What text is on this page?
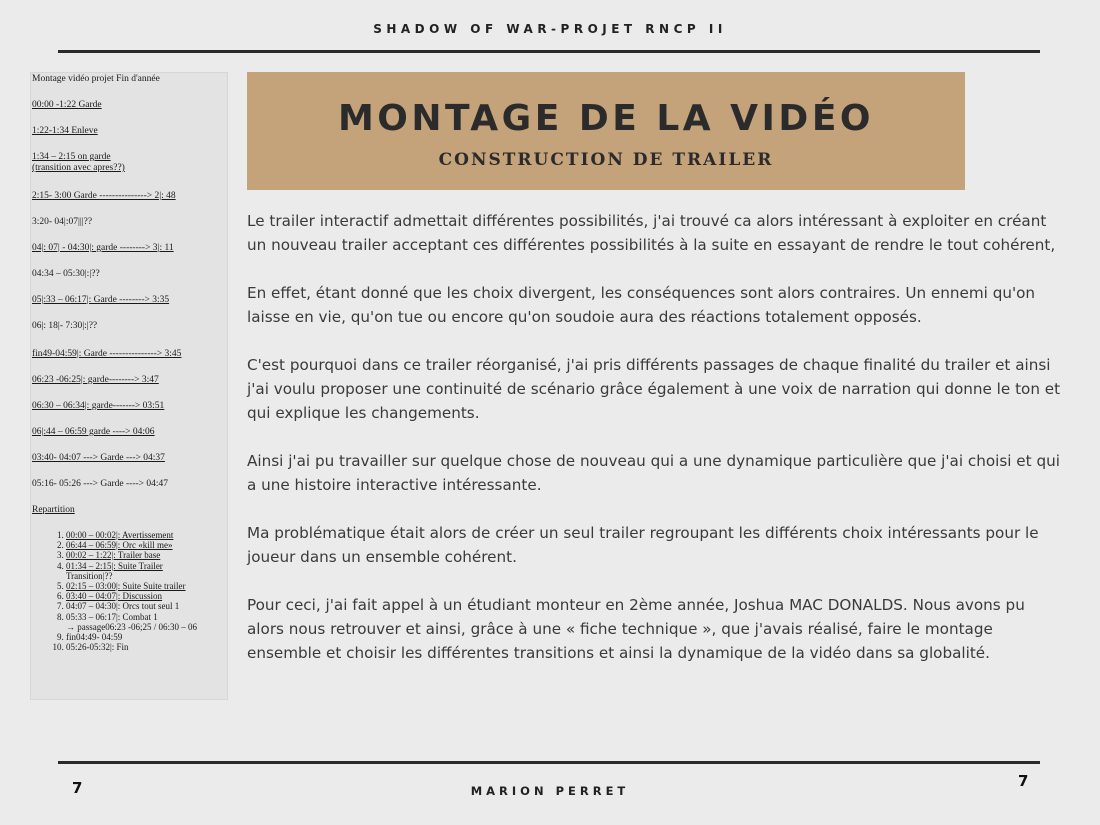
SHADOW OF WAR-PROJET RNCP II
Montage vidéo projet Fin d'année
00:00 -1:22 Garde
1:22-1:34 Enleve
1:34 – 2:15 on garde
(transition avec apres??)
2:15- 3:00 Garde ---------------> 2|: 48
3:20- 04|:07|||??
04|: 07| - 04:30|: garde --------> 3|: 11
04:34 – 05:30|:|??
05|:33 – 06:17|: Garde --------> 3:35
06|: 18|- 7:30|:|??
fin49-04:59|: Garde ---------------> 3:45
06:23 -06:25|: garde--------> 3:47
06:30 – 06:34|: garde-------> 03:51
06|:44 – 06:59 garde ----> 04:06
03:40- 04:07 ---> Garde ---> 04:37
05:16- 05:26 ---> Garde ----> 04:47
Repartition
1. 00:00 – 00:02|: Avertissement
2. 06:44 – 06:59|: Orc «kill me»
3. 00:02 – 1:22|: Trailer base
4. 01:34 – 2:15|: Suite Trailer
Transition|??
5. 02:15 – 03:00|: Suite Suite trailer
6. 03:40 – 04:07|: Discussion
7. 04:07 – 04:30|: Orcs tout seul 1
8. 05:33 – 06:17|: Combat 1
→ passage06:23 -06;25 / 06:30 – 06
9. fin04:49- 04:59
10. 05:26-05:32|: Fin
MONTAGE DE LA VIDÉO
CONSTRUCTION DE TRAILER

Le trailer interactif admettait différentes possibilités, j'ai trouvé ca alors intéressant à exploiter en créant un nouveau trailer acceptant ces différentes possibilités à la suite en essayant de rendre le tout cohérent,

En effet, étant donné que les choix divergent, les conséquences sont alors contraires. Un ennemi qu'on laisse en vie, qu'on tue ou encore qu'on soudoie aura des réactions totalement opposés.

C'est pourquoi dans ce trailer réorganisé, j'ai pris différents passages de chaque finalité du trailer et ainsi j'ai voulu proposer une continuité de scénario grâce également à une voix de narration qui donne le ton et qui explique les changements.

Ainsi j'ai pu travailler sur quelque chose de nouveau qui a une dynamique particulière que j'ai choisi et qui a une histoire interactive intéressante.

Ma problématique était alors de créer un seul trailer regroupant les différents choix intéressants pour le joueur dans un ensemble cohérent.

Pour ceci, j'ai fait appel à un étudiant monteur en 2ème année, Joshua MAC DONALDS. Nous avons pu alors nous retrouver et ainsi, grâce à une « fiche technique », que j'avais réalisé, faire le montage ensemble et choisir les différentes transitions et ainsi la dynamique de la vidéo dans sa globalité.

7	MARION PERRET
7
